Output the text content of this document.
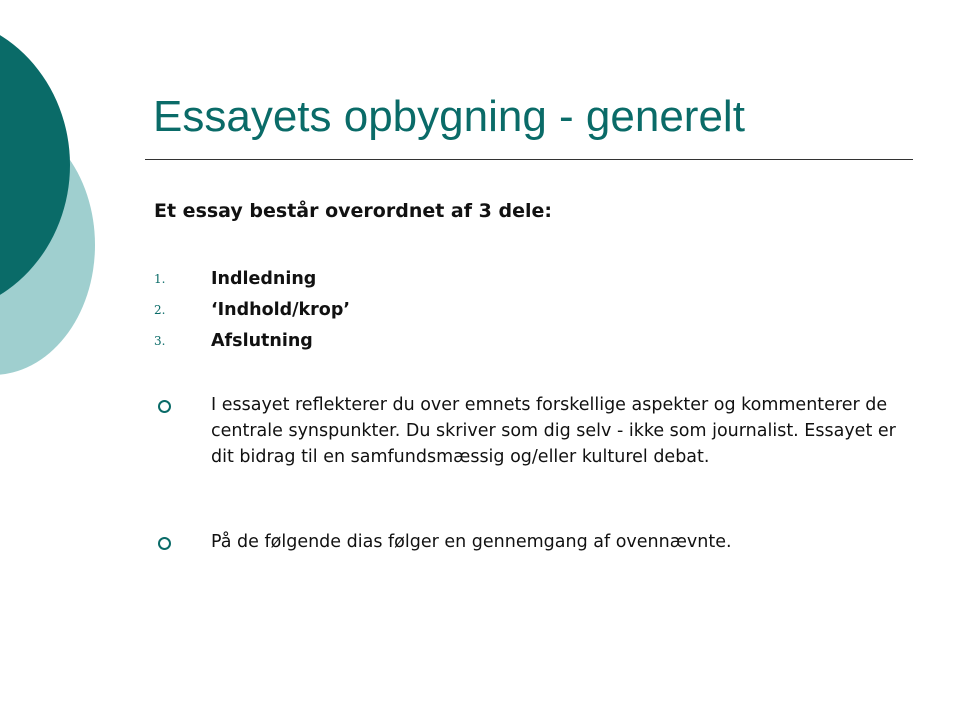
Essayets opbygning - generelt

Et essay består overordnet af 3 dele:

1.	Indledning
2.	‘Indhold/krop’
3.	Afslutning
I essayet reflekterer du over emnets forskellige aspekter og kommenterer de centrale synspunkter. Du skriver som dig selv - ikke som journalist. Essayet er dit bidrag til en samfundsmæssig og/eller kulturel debat.
På de følgende dias følger en gennemgang af ovennævnte.
